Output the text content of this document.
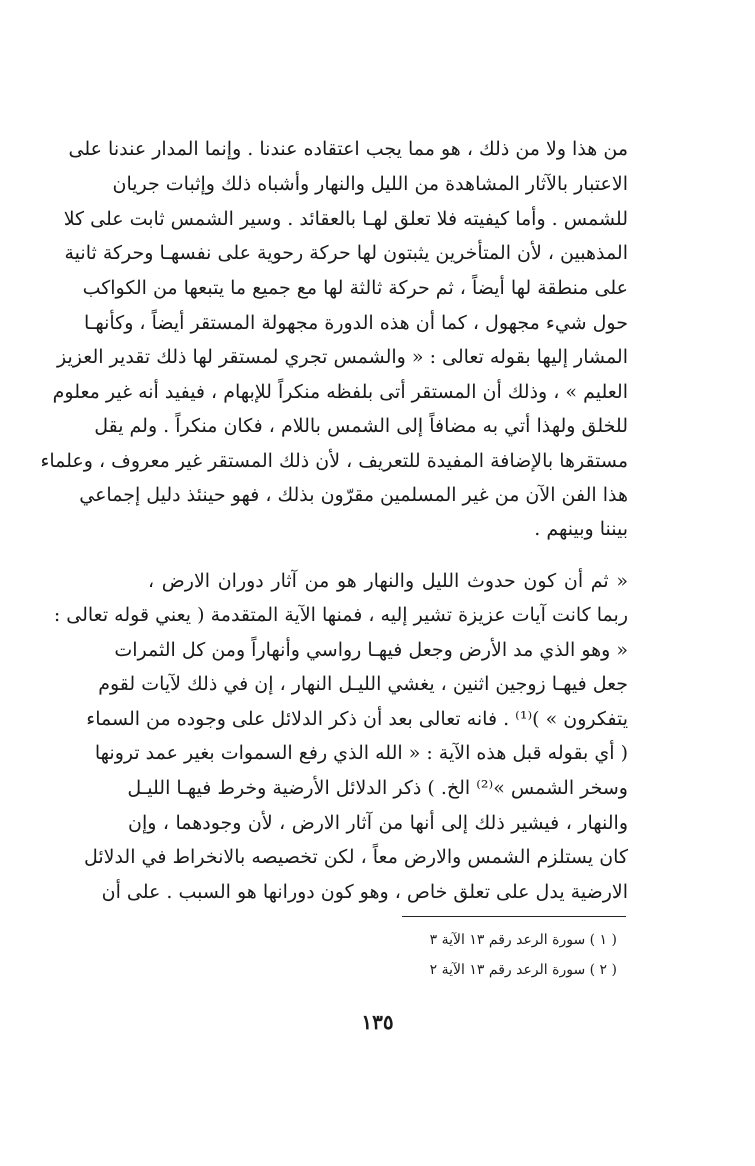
من هذا ولا من ذلك ، هو مما يجب اعتقاده عندنا . وإنما المدار عندنا على
الاعتبار بالآثار المشاهدة من الليل والنهار وأشباه ذلك وإثبات جريان
للشمس . وأما كيفيته فلا تعلق لهـا بالعقائد . وسير الشمس ثابت على كلا
المذهبين ، لأن المتأخرين يثبتون لها حركة رحوية على نفسهـا وحركة ثانية
على منطقة لها أيضاً ، ثم حركة ثالثة لها مع جميع ما يتبعها من الكواكب
حول شيء مجهول ، كما أن هذه الدورة مجهولة المستقر أيضاً ، وكأنهـا
المشار إليها بقوله تعالى : « والشمس تجري لمستقر لها ذلك تقدير العزيز
العليم » ، وذلك أن المستقر أتى بلفظه منكراً للإبهام ، فيفيد أنه غير معلوم
للخلق ولهذا أتي به مضافاً إلى الشمس باللام ، فكان منكراً . ولم يقل
مستقرها بالإضافة المفيدة للتعريف ، لأن ذلك المستقر غير معروف ، وعلماء
هذا الفن الآن من غير المسلمين مقرّون بذلك ، فهو حينئذ دليل إجماعي
بيننا وبينهم .
« ثم أن كون حدوث الليل والنهار هو من آثار دوران الارض ،
ربما كانت آيات عزيزة تشير إليه ، فمنها الآية المتقدمة ( يعني قوله تعالى :
« وهو الذي مد الأرض وجعل فيهـا رواسي وأنهاراً ومن كل الثمرات
جعل فيهـا زوجين اثنين ، يغشي الليـل النهار ، إن في ذلك لآيات لقوم
يتفكرون » )⁽¹⁾ . فانه تعالى بعد أن ذكر الدلائل على وجوده من السماء
( أي بقوله قبل هذه الآية : « الله الذي رفع السموات بغير عمد ترونها
وسخر الشمس »⁽²⁾ الخ. ) ذكر الدلائل الأرضية وخرط فيهـا الليـل
والنهار ، فيشير ذلك إلى أنها من آثار الارض ، لأن وجودهما ، وإن
كان يستلزم الشمس والارض معاً ، لكن تخصيصه بالانخراط في الدلائل
الارضية يدل على تعلق خاص ، وهو كون دورانها هو السبب . على أن
( ١ ) سورة الرعد رقم ١٣ الآية ٣
( ٢ ) سورة الرعد رقم ١٣ الآية ٢
١٣٥
